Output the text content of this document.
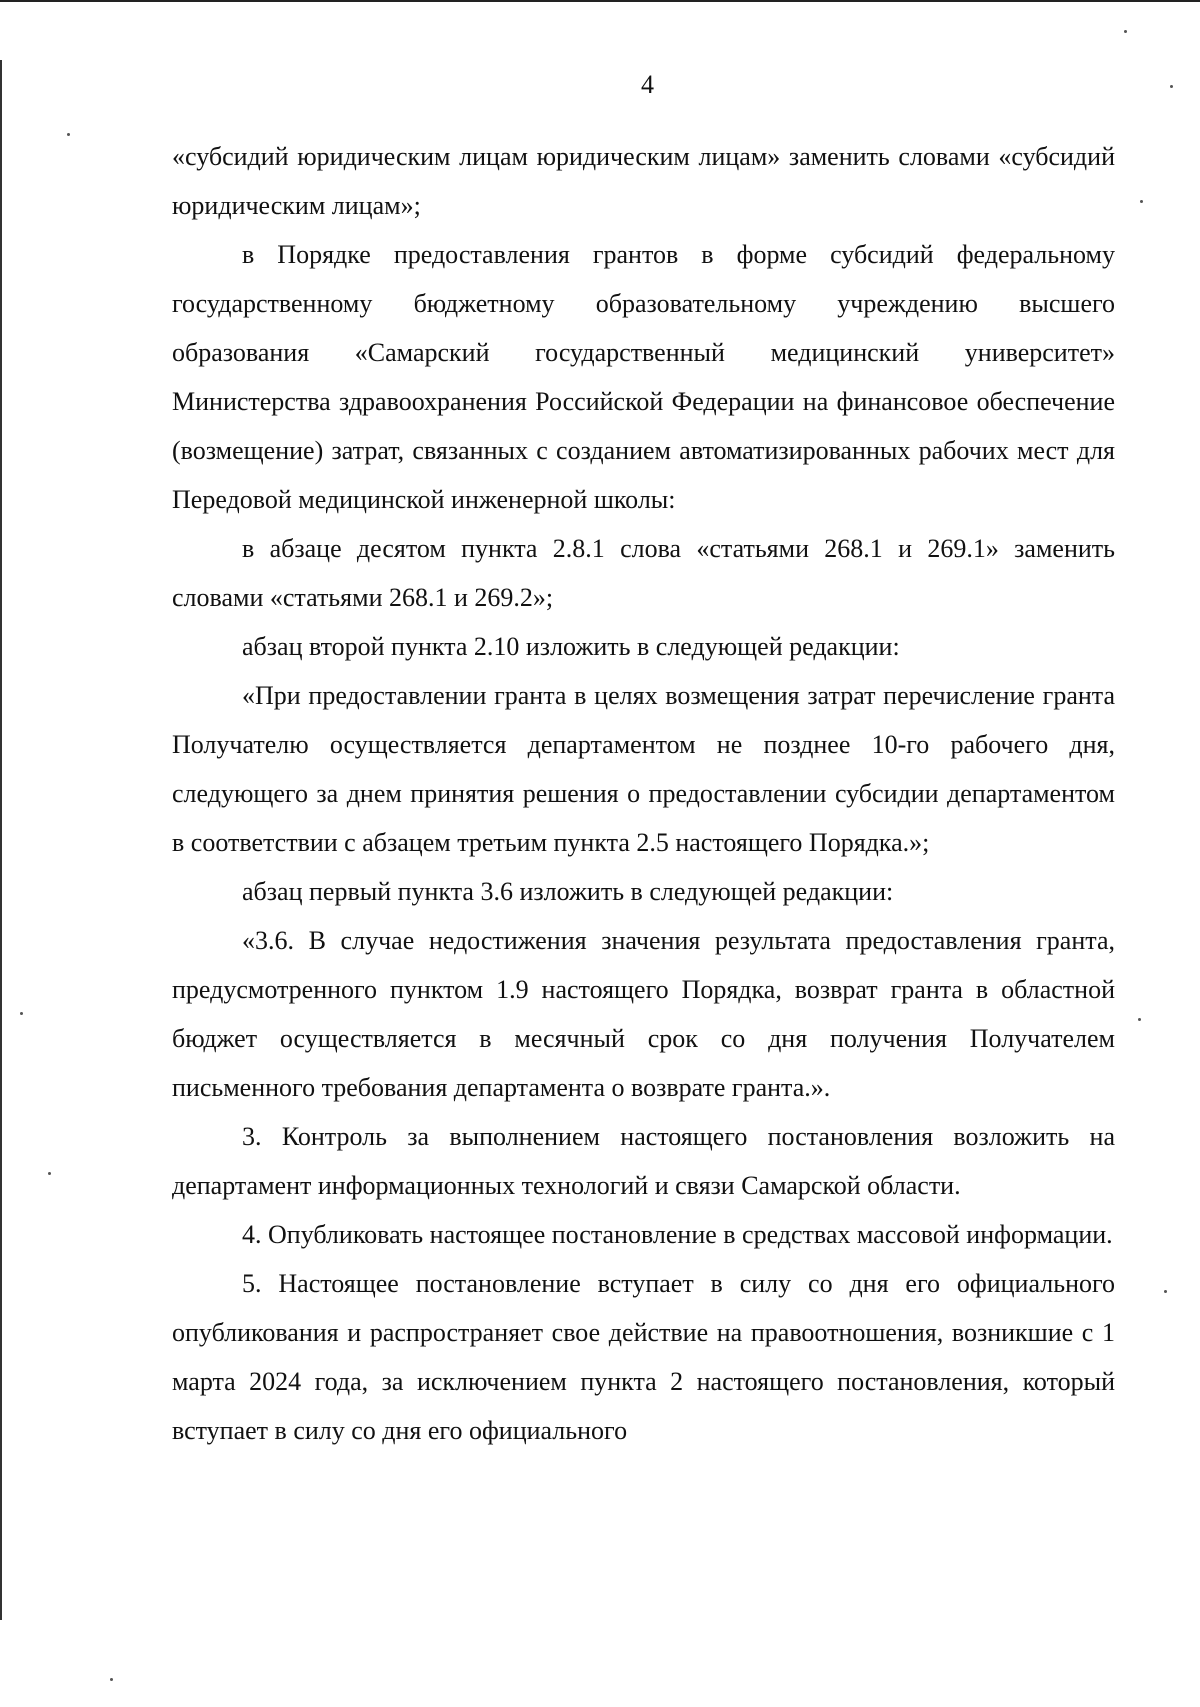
4

«субсидий юридическим лицам юридическим лицам» заменить словами «субсидий юридическим лицам»;

в Порядке предоставления грантов в форме субсидий федеральному государственному бюджетному образовательному учреждению высшего образования «Самарский государственный медицинский университет» Министерства здравоохранения Российской Федерации на финансовое обеспечение (возмещение) затрат, связанных с созданием автоматизированных рабочих мест для Передовой медицинской инженерной школы:

в абзаце десятом пункта 2.8.1 слова «статьями 268.1 и 269.1» заменить словами «статьями 268.1 и 269.2»;

абзац второй пункта 2.10 изложить в следующей редакции:

«При предоставлении гранта в целях возмещения затрат перечисление гранта Получателю осуществляется департаментом не позднее 10-го рабочего дня, следующего за днем принятия решения о предоставлении субсидии департаментом в соответствии с абзацем третьим пункта 2.5 настоящего Порядка.»;

абзац первый пункта 3.6 изложить в следующей редакции:

«3.6. В случае недостижения значения результата предоставления гранта, предусмотренного пунктом 1.9 настоящего Порядка, возврат гранта в областной бюджет осуществляется в месячный срок со дня получения Получателем письменного требования департамента о возврате гранта.».

3. Контроль за выполнением настоящего постановления возложить на департамент информационных технологий и связи Самарской области.

4. Опубликовать настоящее постановление в средствах массовой информации.

5. Настоящее постановление вступает в силу со дня его официального опубликования и распространяет свое действие на правоотношения, возникшие с 1 марта 2024 года, за исключением пункта 2 настоящего постановления, который вступает в силу со дня его официального
